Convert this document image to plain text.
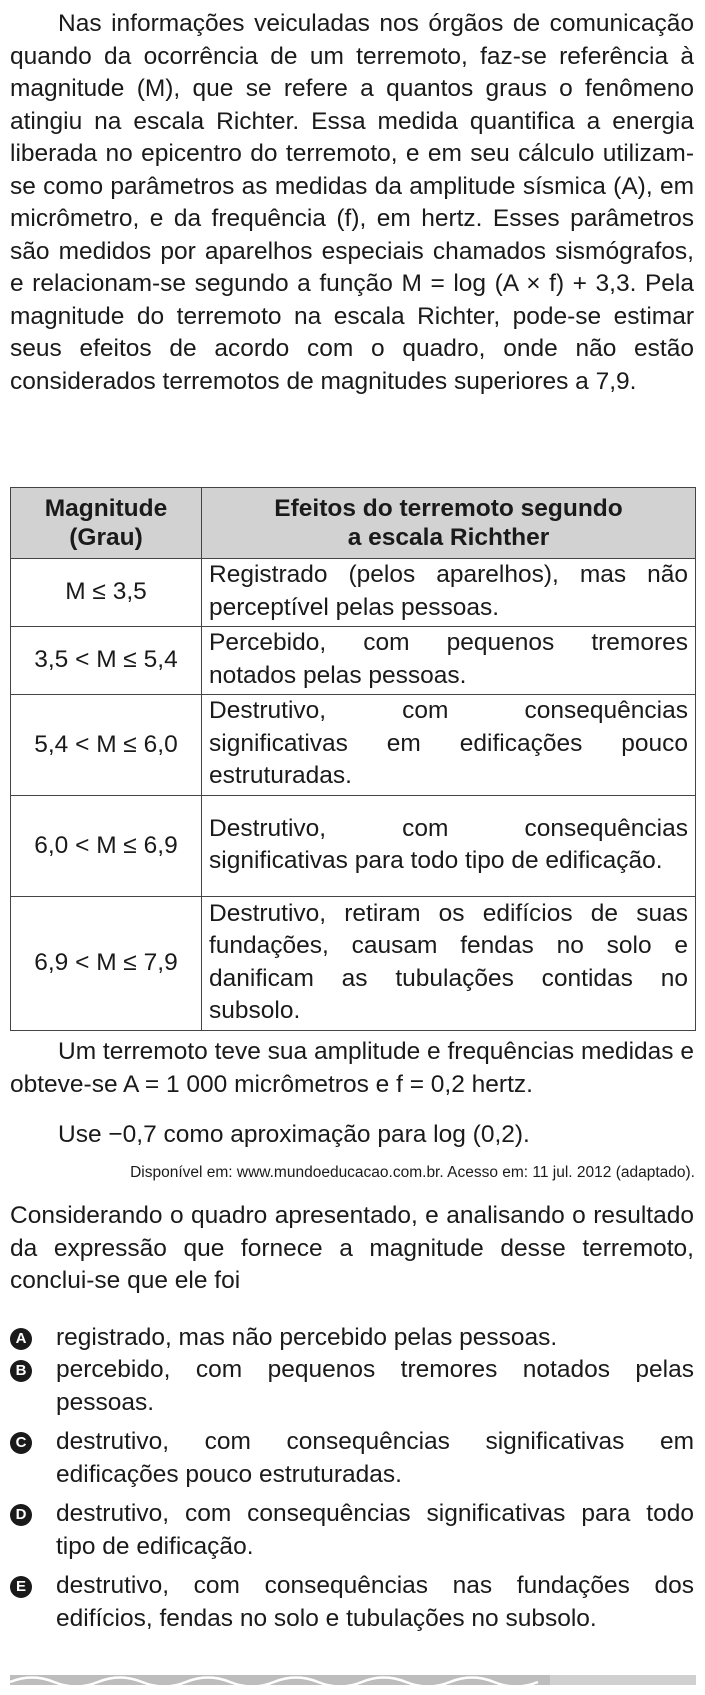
Nas informações veiculadas nos órgãos de comunicação quando da ocorrência de um terremoto, faz-se referência à magnitude (M), que se refere a quantos graus o fenômeno atingiu na escala Richter. Essa medida quantifica a energia liberada no epicentro do terremoto, e em seu cálculo utilizam-se como parâmetros as medidas da amplitude sísmica (A), em micrômetro, e da frequência (f), em hertz. Esses parâmetros são medidos por aparelhos especiais chamados sismógrafos, e relacionam-se segundo a função M = log (A × f) + 3,3. Pela magnitude do terremoto na escala Richter, pode-se estimar seus efeitos de acordo com o quadro, onde não estão considerados terremotos de magnitudes superiores a 7,9.

Magnitude
(Grau)	Efeitos do terremoto segundo
a escala Richther
M ≤ 3,5	Registrado (pelos aparelhos), mas não perceptível pelas pessoas.
3,5 < M ≤ 5,4	Percebido, com pequenos tremores notados pelas pessoas.
5,4 < M ≤ 6,0	Destrutivo, com consequências significativas em edificações pouco estruturadas.
6,0 < M ≤ 6,9	Destrutivo, com consequências significativas para todo tipo de edificação.
6,9 < M ≤ 7,9	Destrutivo, retiram os edifícios de suas fundações, causam fendas no solo e danificam as tubulações contidas no subsolo.

Um terremoto teve sua amplitude e frequências medidas e obteve-se A = 1 000 micrômetros e f = 0,2 hertz.

Use −0,7 como aproximação para log (0,2).

Disponível em: www.mundoeducacao.com.br. Acesso em: 11 jul. 2012 (adaptado).

Considerando o quadro apresentado, e analisando o resultado da expressão que fornece a magnitude desse terremoto, conclui-se que ele foi

A registrado, mas não percebido pelas pessoas.

B percebido, com pequenos tremores notados pelas pessoas.

C destrutivo, com consequências significativas em edificações pouco estruturadas.

D destrutivo, com consequências significativas para todo tipo de edificação.

E destrutivo, com consequências nas fundações dos edifícios, fendas no solo e tubulações no subsolo.
